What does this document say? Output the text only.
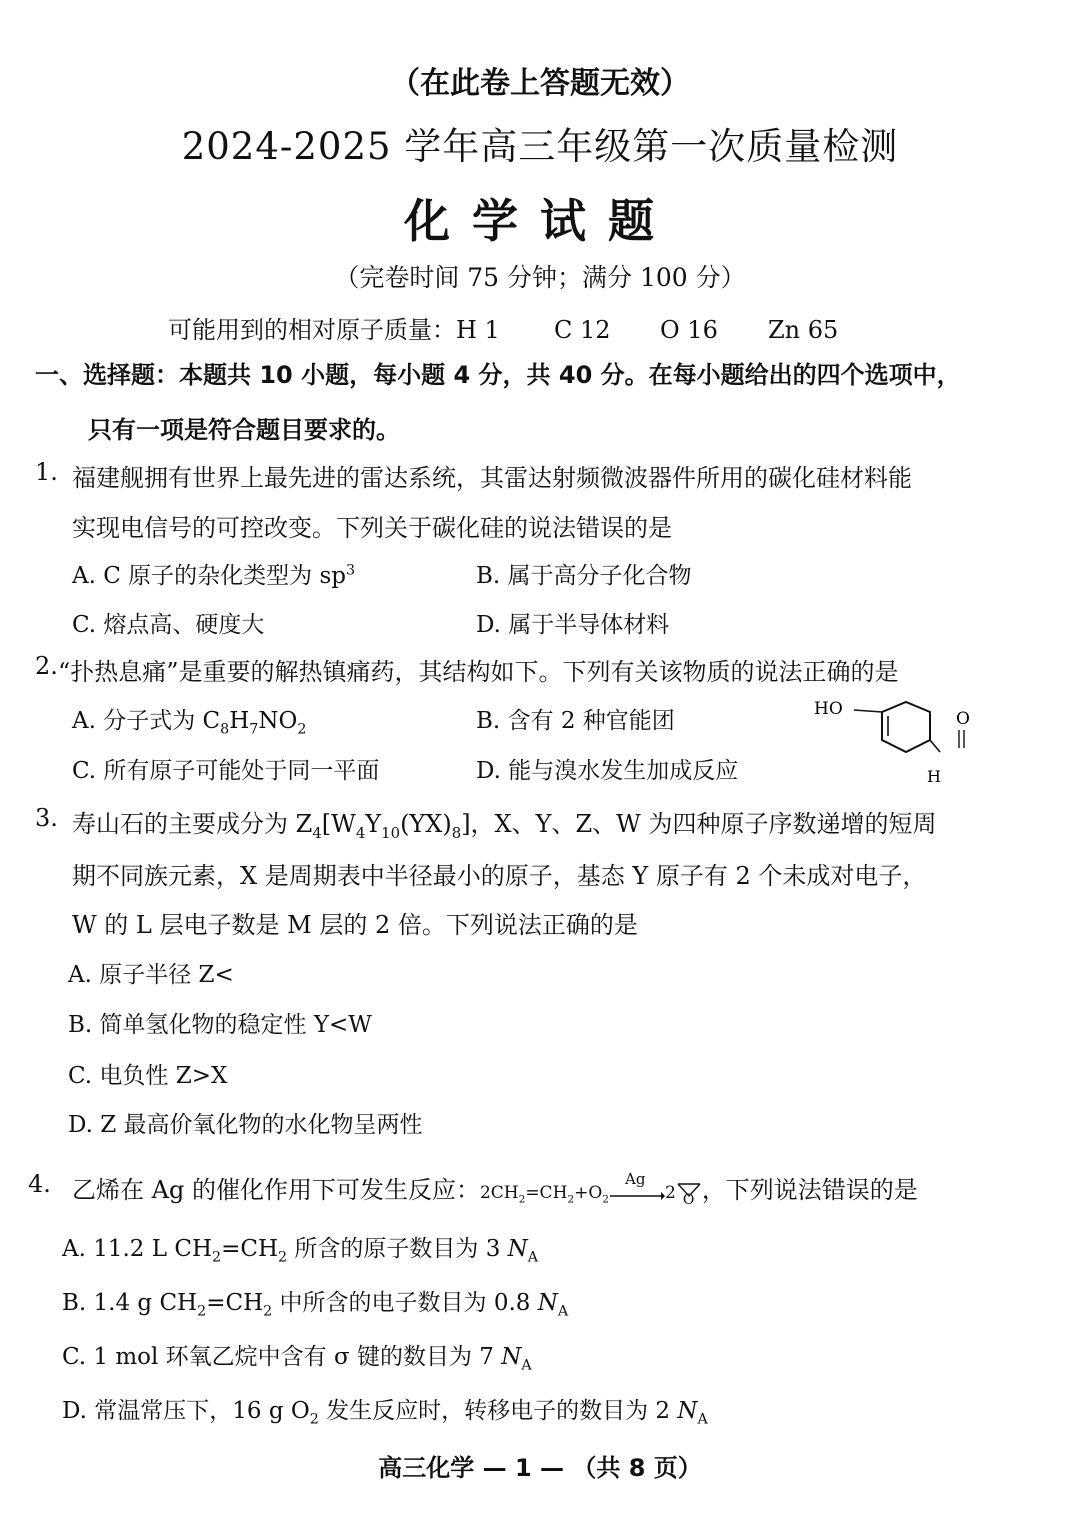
（在此卷上答题无效）
2024-2025 学年高三年级第一次质量检测
化学试题
（完卷时间 75 分钟；满分 100 分）
可能用到的相对原子质量：H 1 C 12 O 16 Zn 65
一、选择题：本题共 10 小题，每小题 4 分，共 40 分。在每小题给出的四个选项中，
只有一项是符合题目要求的。
1. 福建舰拥有世界上最先进的雷达系统，其雷达射频微波器件所用的碳化硅材料能
实现电信号的可控改变。下列关于碳化硅的说法错误的是
A. C 原子的杂化类型为 $sp^3$	B. 属于高分子化合物
C. 熔点高、硬度大	D. 属于半导体材料
2. “扑热息痛”是重要的解热镇痛药，其结构如下。下列有关该物质的说法正确的是
A. 分子式为 $C_8H_7NO_2$	B. 含有 2 种官能团
C. 所有原子可能处于同一平面	D. 能与溴水发生加成反应
HO	O
H
3. 寿山石的主要成分为 $Z_4[W_4Y_{10}(YX)_8]$，X、Y、Z、W 为四种原子序数递增的短周
期不同族元素，X 是周期表中半径最小的原子，基态 Y 原子有 2 个未成对电子，
W 的 L 层电子数是 M 层的 2 倍。下列说法正确的是
A. 原子半径 Z<
B. 简单氢化物的稳定性 Y<W
C. 电负性 Z>X
D. Z 最高价氧化物的水化物呈两性
4. 乙烯在 Ag 的催化作用下可发生反应：$2CH_2=CH_2+O_2$
Ag
2 O ，下列说法错误的是
A. 11.2 L $CH_2=CH_2$ 所含的原子数目为 3 $N_A$
B. 1.4 g $CH_2=CH_2$ 中所含的电子数目为 0.8 $N_A$
C. 1 mol 环氧乙烷中含有 σ 键的数目为 7 $N_A$
D. 常温常压下，16 g $O_2$ 发生反应时，转移电子的数目为 2 $N_A$
高三化学 — 1 — （共 8 页）
